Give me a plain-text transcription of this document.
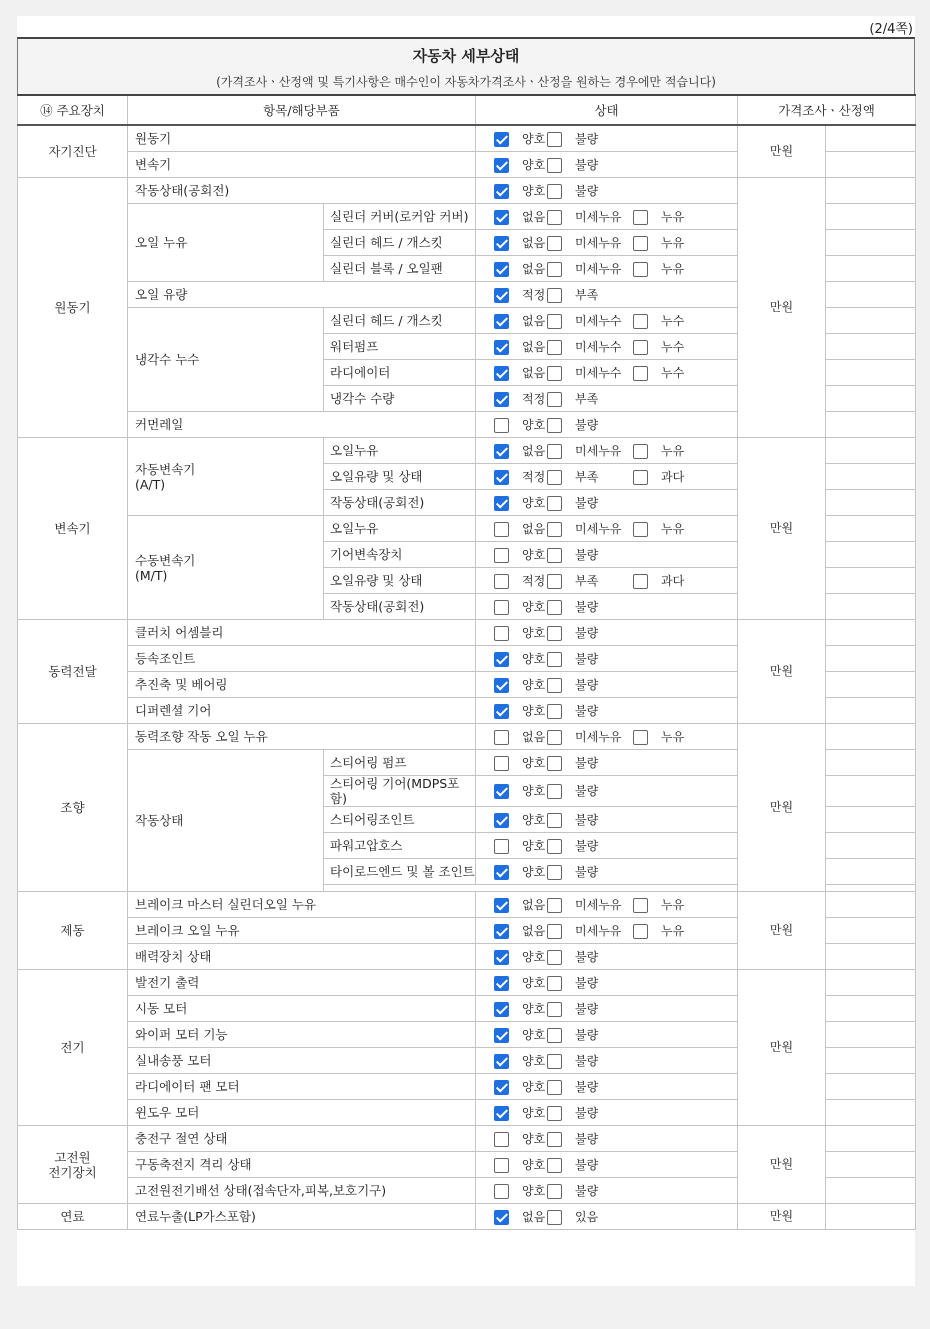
(2/4쪽)
자동차 세부상태
(가격조사ㆍ산정액 및 특기사항은 매수인이 자동차가격조사ㆍ산정을 원하는 경우에만 적습니다)
⑭ 주요장치	항목/해당부품		상태	가격조사ㆍ산정액		
자기진단	원동기		양호 불량	만원		
	변속기		양호 불량			
원동기	작동상태(공회전)		양호 불량	만원		
	오일 누유	실린더 커버(로커암 커버)	없음 미세누유 누유			
		실린더 헤드 / 개스킷	없음 미세누유 누유			
		실린더 블록 / 오일팬	없음 미세누유 누유			
	오일 유량		적정 부족			
	냉각수 누수	실린더 헤드 / 개스킷	없음 미세누수 누수			
		워터펌프	없음 미세누수 누수			
		라디에이터	없음 미세누수 누수			
		냉각수 수량	적정 부족			
	커먼레일		양호 불량			
변속기	자동변속기
(A/T)	오일누유	없음 미세누유 누유	만원		
		오일유량 및 상태	적정 부족 과다			
		작동상태(공회전)	양호 불량			
	수동변속기
(M/T)	오일누유	없음 미세누유 누유			
		기어변속장치	양호 불량			
		오일유량 및 상태	적정 부족 과다			
		작동상태(공회전)	양호 불량			
동력전달	클러치 어셈블리		양호 불량	만원		
	등속조인트		양호 불량			
	추진축 및 베어링		양호 불량			
	디퍼렌셜 기어		양호 불량			
조향	동력조향 작동 오일 누유		없음 미세누유 누유	만원		
	작동상태	스티어링 펌프	양호 불량			
		스티어링 기어(MDPS포함)	양호 불량			
		스티어링조인트	양호 불량			
		파워고압호스	양호 불량			
		타이로드엔드 및 볼 조인트	양호 불량			

제동	브레이크 마스터 실린더오일 누유		없음 미세누유 누유	만원		
	브레이크 오일 누유		없음 미세누유 누유			
	배력장치 상태		양호 불량			
전기	발전기 출력		양호 불량	만원		
	시동 모터		양호 불량			
	와이퍼 모터 기능		양호 불량			
	실내송풍 모터		양호 불량			
	라디에이터 팬 모터		양호 불량			
	윈도우 모터		양호 불량			
고전원
전기장치	충전구 절연 상태		양호 불량	만원		
	구동축전지 격리 상태		양호 불량			
	고전원전기배선 상태(접속단자,피복,보호기구)		양호 불량			
연료	연료누출(LP가스포함)		없음 있음	만원		
